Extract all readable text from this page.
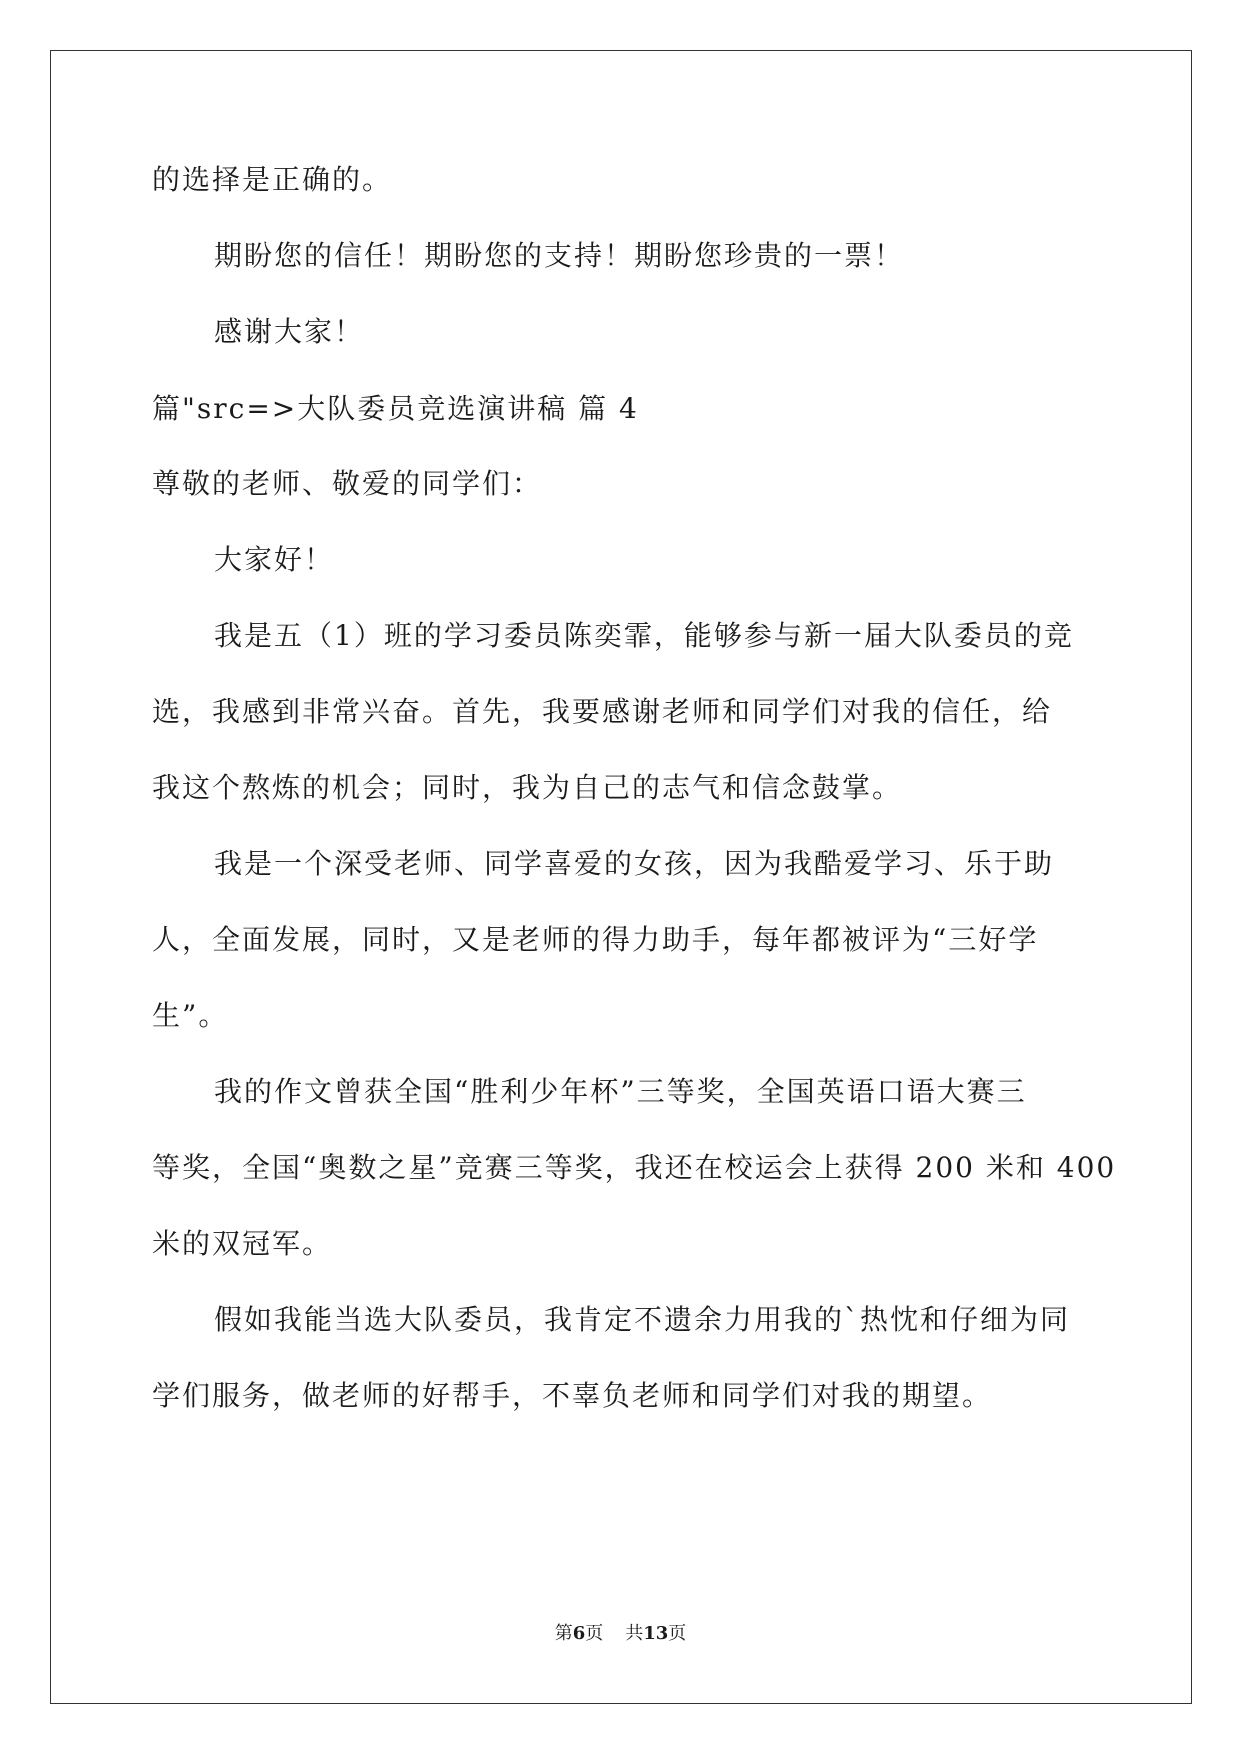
的选择是正确的。
期盼您的信任！期盼您的支持！期盼您珍贵的一票！
感谢大家！
篇"src=>大队委员竞选演讲稿 篇 4
尊敬的老师、敬爱的同学们：
大家好！
我是五（1）班的学习委员陈奕霏，能够参与新一届大队委员的竞
选，我感到非常兴奋。首先，我要感谢老师和同学们对我的信任，给
我这个熬炼的机会；同时，我为自己的志气和信念鼓掌。
我是一个深受老师、同学喜爱的女孩，因为我酷爱学习、乐于助
人，全面发展，同时，又是老师的得力助手，每年都被评为“三好学
生”。
我的作文曾获全国“胜利少年杯”三等奖，全国英语口语大赛三
等奖，全国“奥数之星”竞赛三等奖，我还在校运会上获得 200 米和 400
米的双冠军。
假如我能当选大队委员，我肯定不遗余力用我的`热忱和仔细为同
学们服务，做老师的好帮手，不辜负老师和同学们对我的期望。
第6页 共13页
